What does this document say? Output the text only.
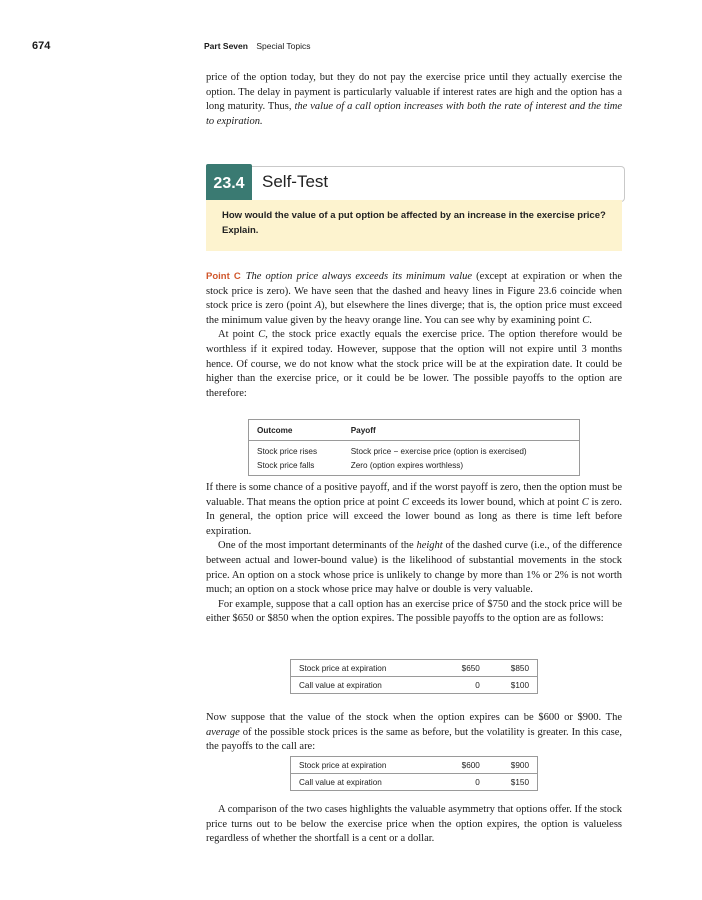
674	Part Seven Special Topics

price of the option today, but they do not pay the exercise price until they actually exercise the option. The delay in payment is particularly valuable if interest rates are high and the option has a long maturity. Thus, the value of a call option increases with both the rate of interest and the time to expiration.

23.4	Self-Test
How would the value of a put option be affected by an increase in the exercise price? Explain.

Point C The option price always exceeds its minimum value (except at expiration or when the stock price is zero). We have seen that the dashed and heavy lines in Figure 23.6 coincide when stock price is zero (point A), but elsewhere the lines diverge; that is, the option price must exceed the minimum value given by the heavy orange line. You can see why by examining point C.

At point C, the stock price exactly equals the exercise price. The option therefore would be worthless if it expired today. However, suppose that the option will not expire until 3 months hence. Of course, we do not know what the stock price will be at the expiration date. It could be higher than the exercise price, or it could be be lower. The possible payoffs to the option are therefore:

Outcome	Payoff
Stock price rises	Stock price − exercise price (option is exercised)
Stock price falls	Zero (option expires worthless)

If there is some chance of a positive payoff, and if the worst payoff is zero, then the option must be valuable. That means the option price at point C exceeds its lower bound, which at point C is zero. In general, the option price will exceed the lower bound as long as there is time left before expiration.

One of the most important determinants of the height of the dashed curve (i.e., of the difference between actual and lower-bound value) is the likelihood of substantial movements in the stock price. An option on a stock whose price is unlikely to change by more than 1% or 2% is not worth much; an option on a stock whose price may halve or double is very valuable.

For example, suppose that a call option has an exercise price of $750 and the stock price will be either $650 or $850 when the option expires. The possible payoffs to the option are as follows:

Stock price at expiration	$650	$850
Call value at expiration	0	$100

Now suppose that the value of the stock when the option expires can be $600 or $900. The average of the possible stock prices is the same as before, but the volatility is greater. In this case, the payoffs to the call are:

Stock price at expiration	$600	$900
Call value at expiration	0	$150

A comparison of the two cases highlights the valuable asymmetry that options offer. If the stock price turns out to be below the exercise price when the option expires, the option is valueless regardless of whether the shortfall is a cent or a dollar.
